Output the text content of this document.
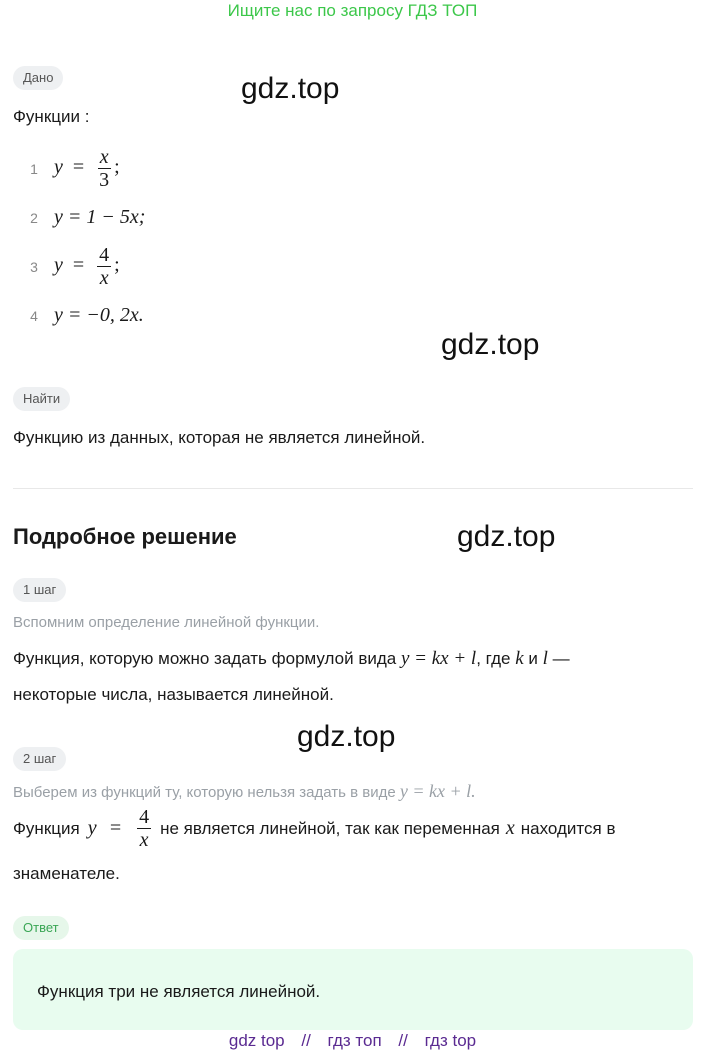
Ищите нас по запросу ГДЗ ТОП
Дано	gdz.top
Функции :
1 $y = \frac{x}{3}$ ;
2 y = 1 − 5x;
3 $y = \frac{4}{x}$ ;
4 y = −0, 2x.
gdz.top
Найти
Функцию из данных, которая не является линейной.
Подробное решение	gdz.top
1 шаг
Вспомним определение линейной функции.
Функция, которую можно задать формулой вида y = kx + l, где k и l —
некоторые числа, называется линейной.
gdz.top
2 шаг
Выберем из функций ту, которую нельзя задать в виде y = kx + l.
Функция $y = \frac{4}{x}$ не является линейной, так как переменная x находится в
знаменателе.
Ответ
Функция три не является линейной.
gdz top // гдз топ // гдз top
